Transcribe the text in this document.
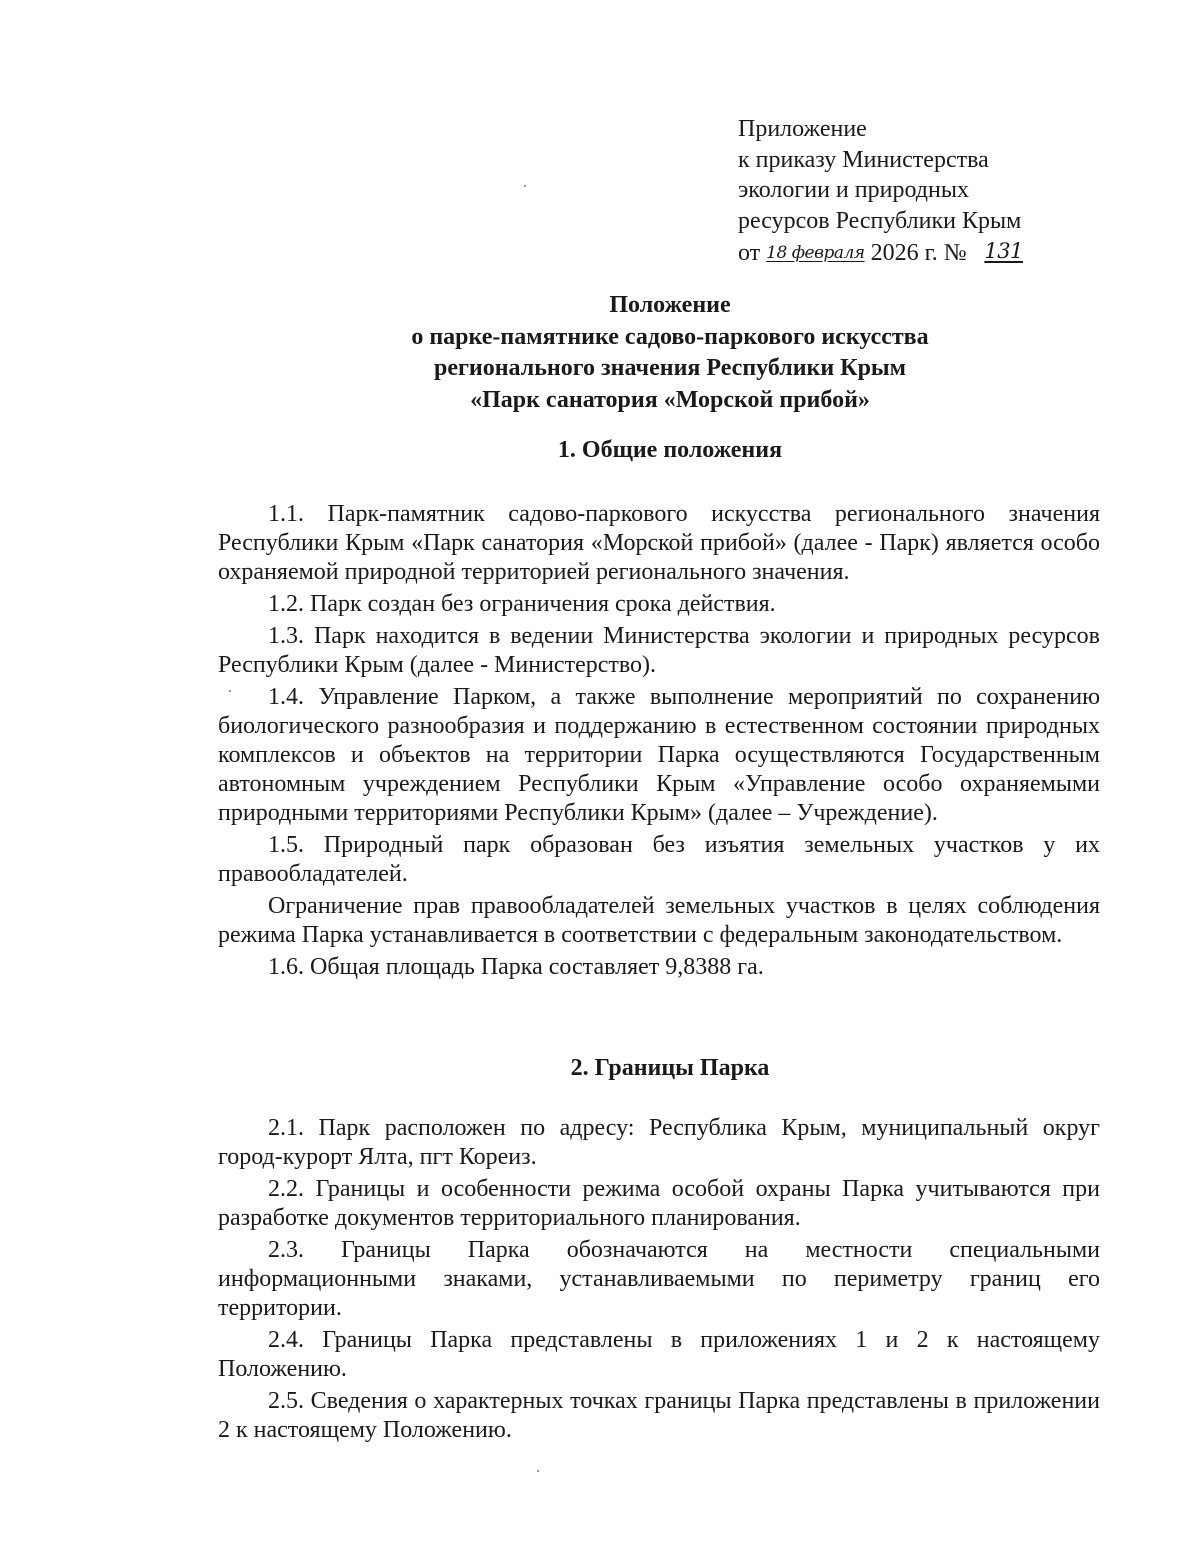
Приложение
к приказу Министерства
экологии и природных
ресурсов Республики Крым
от 18 февраля 2026 г. № 131
Положение
о парке-памятнике садово-паркового искусства
регионального значения Республики Крым
«Парк санатория «Морской прибой»
1. Общие положения

1.1. Парк-памятник садово-паркового искусства регионального значения Республики Крым «Парк санатория «Морской прибой» (далее - Парк) является особо охраняемой природной территорией регионального значения.

1.2. Парк создан без ограничения срока действия.

1.3. Парк находится в ведении Министерства экологии и природных ресурсов Республики Крым (далее - Министерство).

1.4. Управление Парком, а также выполнение мероприятий по сохранению биологического разнообразия и поддержанию в естественном состоянии природных комплексов и объектов на территории Парка осуществляются Государственным автономным учреждением Республики Крым «Управление особо охраняемыми природными территориями Республики Крым» (далее – Учреждение).

1.5. Природный парк образован без изъятия земельных участков у их правообладателей.

Ограничение прав правообладателей земельных участков в целях соблюдения режима Парка устанавливается в соответствии с федеральным законодательством.

1.6. Общая площадь Парка составляет 9,8388 га.

2. Границы Парка

2.1. Парк расположен по адресу: Республика Крым, муниципальный округ город-курорт Ялта, пгт Кореиз.

2.2. Границы и особенности режима особой охраны Парка учитываются при разработке документов территориального планирования.

2.3. Границы Парка обозначаются на местности специальными информационными знаками, устанавливаемыми по периметру границ его территории.

2.4. Границы Парка представлены в приложениях 1 и 2 к настоящему Положению.

2.5. Сведения о характерных точках границы Парка представлены в приложении 2 к настоящему Положению.
